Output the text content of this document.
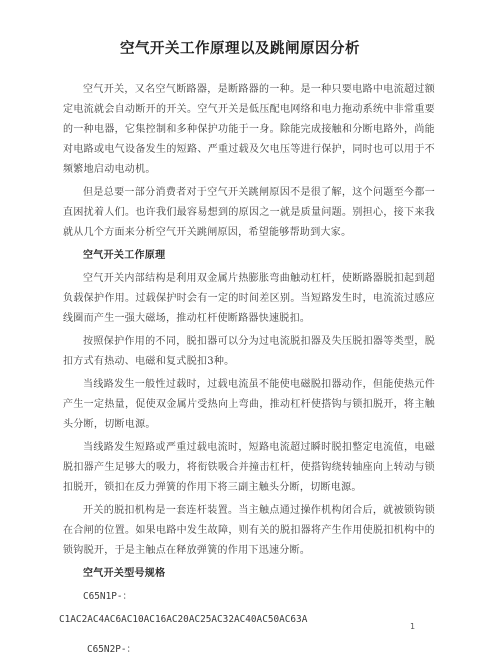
空气开关工作原理以及跳闸原因分析

空气开关，又名空气断路器，是断路器的一种。是一种只要电路中电流超过额定电流就会自动断开的开关。空气开关是低压配电网络和电力拖动系统中非常重要的一种电器，它集控制和多种保护功能于一身。除能完成接触和分断电路外，尚能对电路或电气设备发生的短路、严重过载及欠电压等进行保护，同时也可以用于不频繁地启动电动机。

但是总要一部分消费者对于空气开关跳闸原因不是很了解，这个问题至今都一直困扰着人们。也许我们最容易想到的原因之一就是质量问题。别担心，接下来我就从几个方面来分析空气开关跳闸原因，希望能够帮助到大家。

空气开关工作原理

空气开关内部结构是利用双金属片热膨胀弯曲触动杠杆，使断路器脱扣起到超负载保护作用。过载保护时会有一定的时间差区别。当短路发生时，电流流过感应线圈而产生一强大磁场，推动杠杆使断路器快速脱扣。

按照保护作用的不同，脱扣器可以分为过电流脱扣器及失压脱扣器等类型，脱扣方式有热动、电磁和复式脱扣3种。

当线路发生一般性过载时，过载电流虽不能使电磁脱扣器动作，但能使热元件产生一定热量，促使双金属片受热向上弯曲，推动杠杆使搭钩与锁扣脱开，将主触头分断，切断电源。

当线路发生短路或严重过载电流时，短路电流超过瞬时脱扣整定电流值，电磁脱扣器产生足够大的吸力，将衔铁吸合并撞击杠杆，使搭钩绕转轴座向上转动与锁扣脱开，锁扣在反力弹簧的作用下将三副主触头分断，切断电源。

开关的脱扣机构是一套连杆装置。当主触点通过操作机构闭合后，就被锁钩锁在合闸的位置。如果电路中发生故障，则有关的脱扣器将产生作用使脱扣机构中的锁钩脱开，于是主触点在释放弹簧的作用下迅速分断。

空气开关型号规格

C65N1P-：

C1AC2AC4AC6AC10AC16AC20AC25AC32AC40AC50AC63A

C65N2P-：

1
